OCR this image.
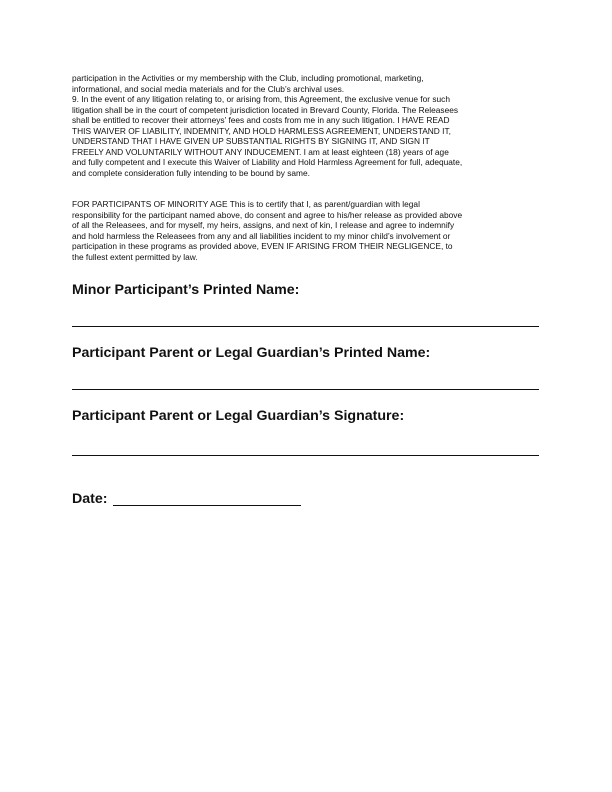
participation in the Activities or my membership with the Club, including promotional, marketing,
informational, and social media materials and for the Club’s archival uses.
9. In the event of any litigation relating to, or arising from, this Agreement, the exclusive venue for such
litigation shall be in the court of competent jurisdiction located in Brevard County, Florida. The Releasees
shall be entitled to recover their attorneys’ fees and costs from me in any such litigation. I HAVE READ
THIS WAIVER OF LIABILITY, INDEMNITY, AND HOLD HARMLESS AGREEMENT, UNDERSTAND IT,
UNDERSTAND THAT I HAVE GIVEN UP SUBSTANTIAL RIGHTS BY SIGNING IT, AND SIGN IT
FREELY AND VOLUNTARILY WITHOUT ANY INDUCEMENT. I am at least eighteen (18) years of age
and fully competent and I execute this Waiver of Liability and Hold Harmless Agreement for full, adequate,
and complete consideration fully intending to be bound by same.

FOR PARTICIPANTS OF MINORITY AGE This is to certify that I, as parent/guardian with legal
responsibility for the participant named above, do consent and agree to his/her release as provided above
of all the Releasees, and for myself, my heirs, assigns, and next of kin, I release and agree to indemnify
and hold harmless the Releasees from any and all liabilities incident to my minor child’s involvement or
participation in these programs as provided above, EVEN IF ARISING FROM THEIR NEGLIGENCE, to
the fullest extent permitted by law.

Minor Participant’s Printed Name:
Participant Parent or Legal Guardian’s Printed Name:
Participant Parent or Legal Guardian’s Signature:
Date:
